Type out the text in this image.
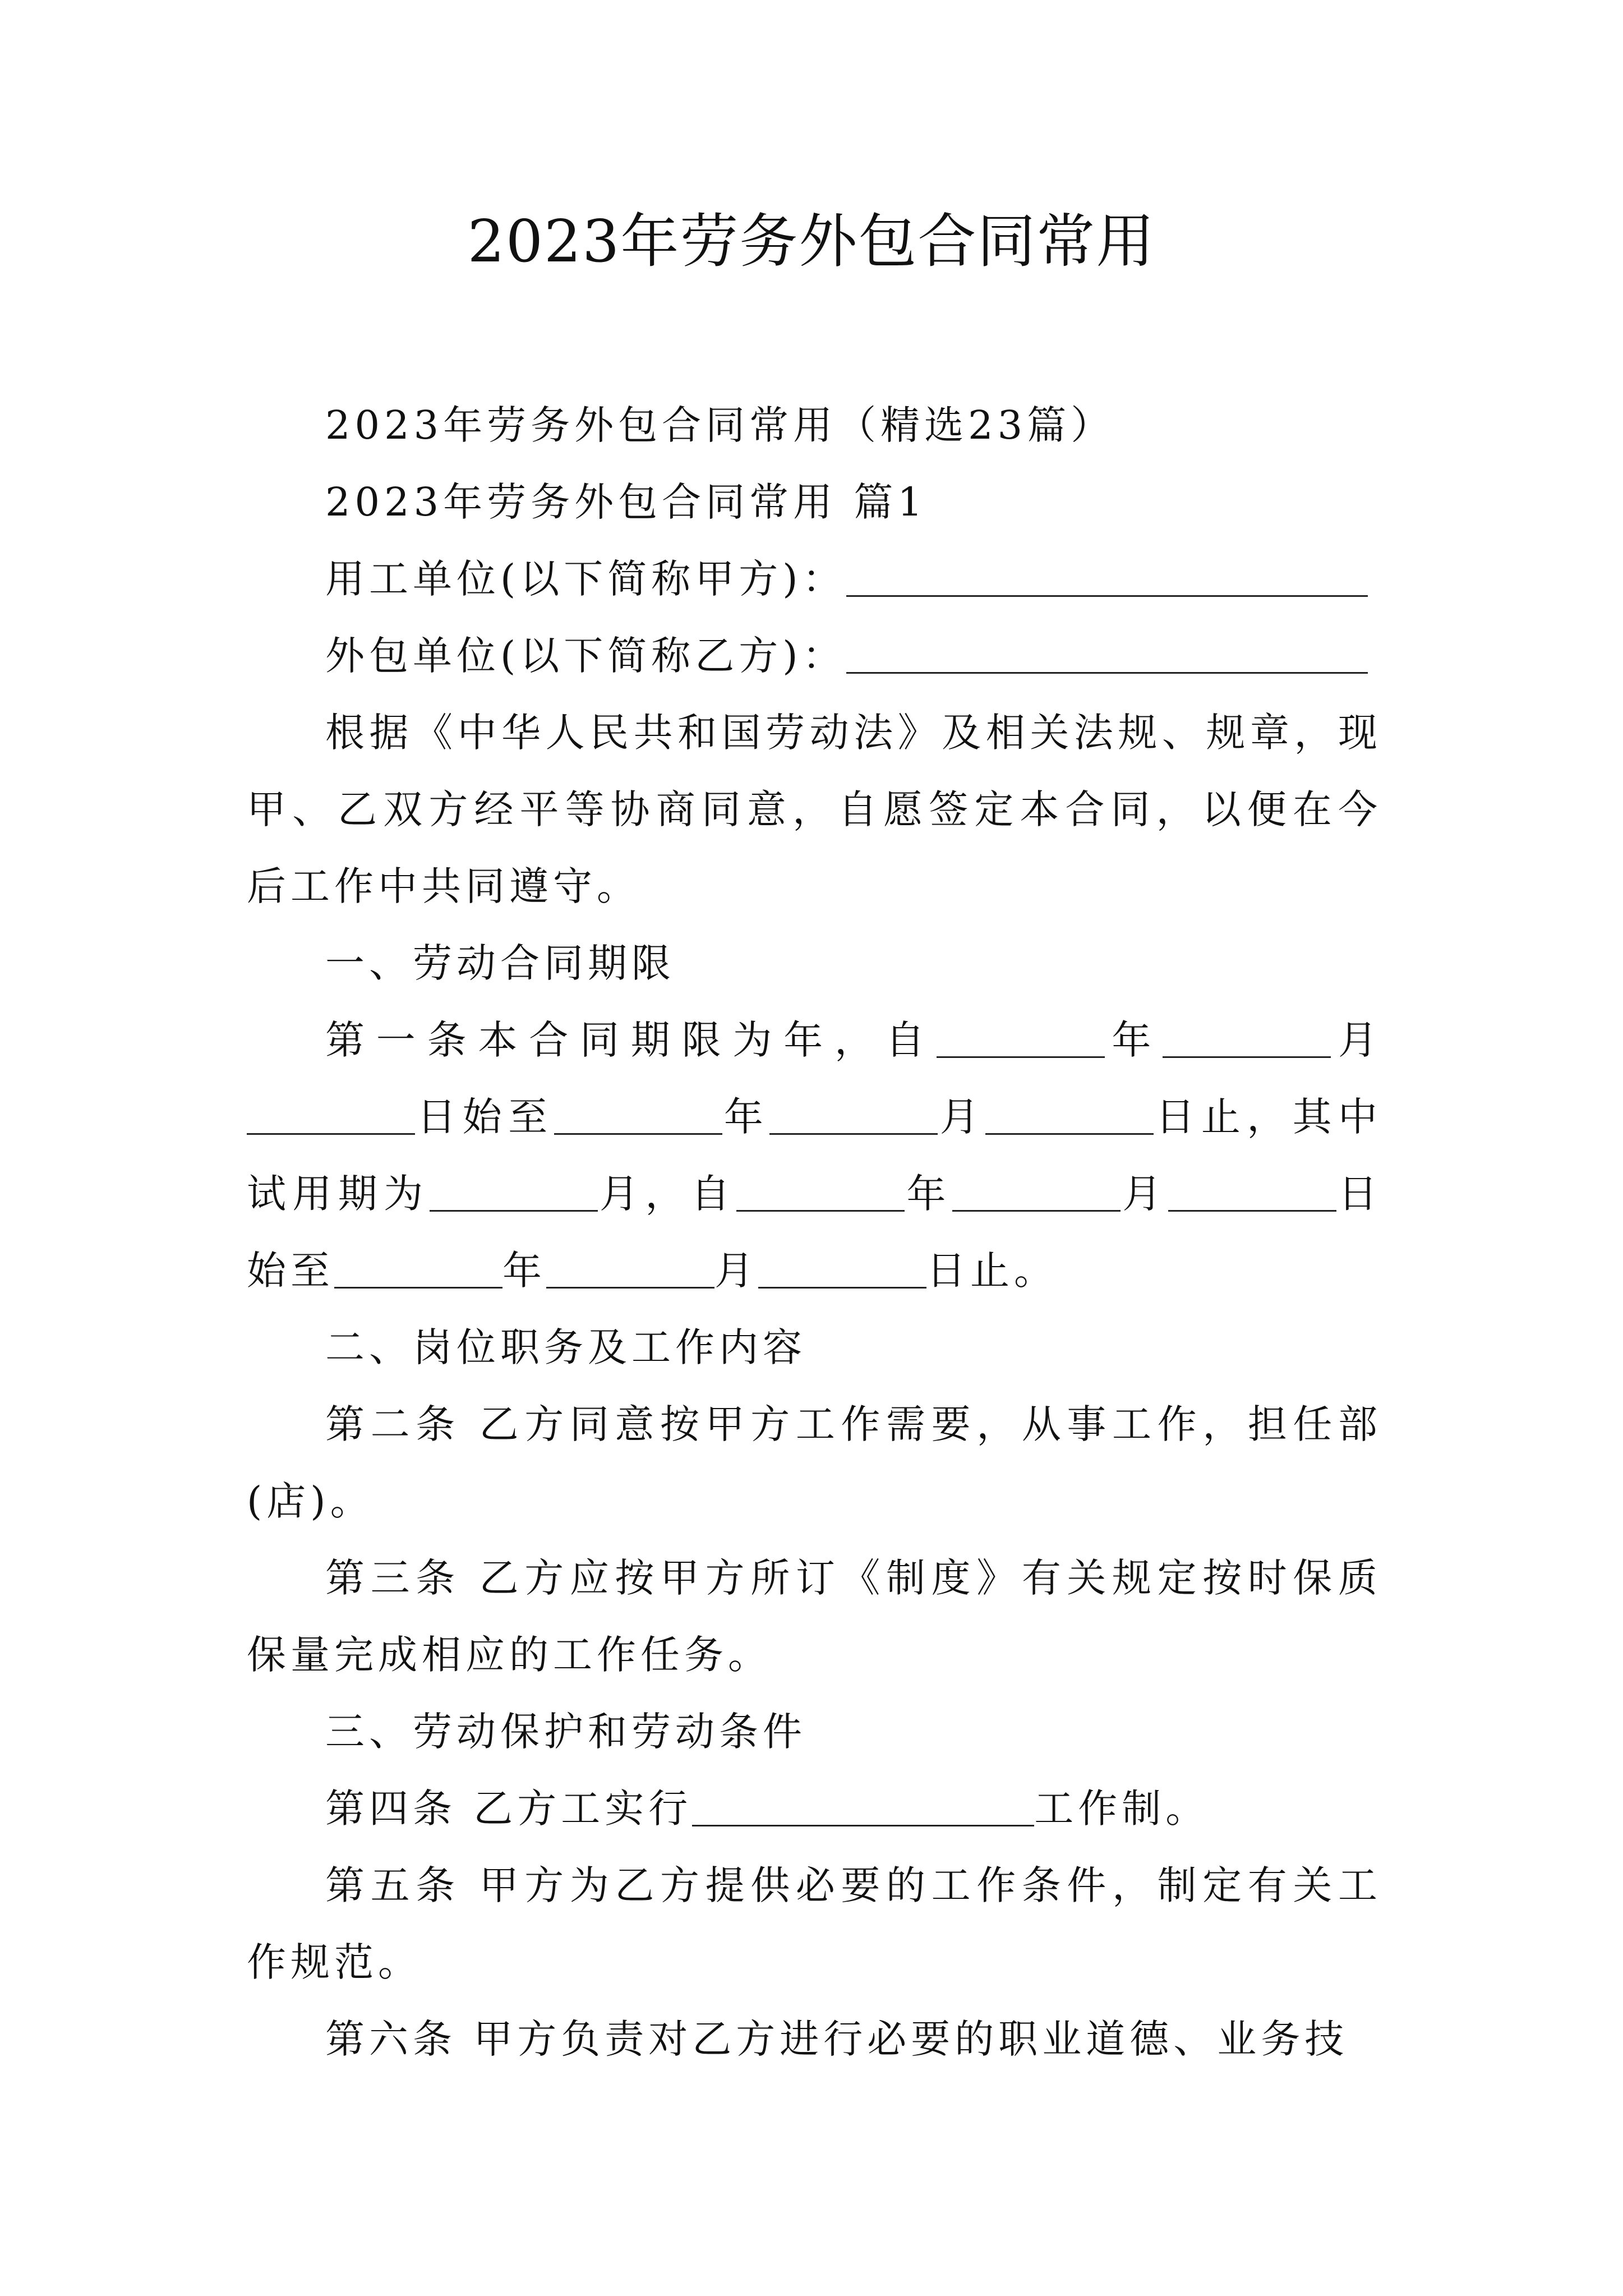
2023年劳务外包合同常用

2023年劳务外包合同常用（精选23篇）

2023年劳务外包合同常用 篇1

用工单位(以下简称甲方)：

外包单位(以下简称乙方)：

根据《中华人民共和国劳动法》及相关法规、规章，现甲、乙双方经平等协商同意，自愿签定本合同，以便在今后工作中共同遵守。

一、劳动合同期限

第一条本合同期限为年，自	年	月日始至	年	月	日止，其中试用期为	月，自	年	月	日始至	年	月	日止。

二、岗位职务及工作内容

第二条 乙方同意按甲方工作需要，从事工作，担任部(店)。

第三条 乙方应按甲方所订《制度》有关规定按时保质保量完成相应的工作任务。

三、劳动保护和劳动条件

第四条 乙方工实行	工作制。

第五条 甲方为乙方提供必要的工作条件，制定有关工作规范。

第六条 甲方负责对乙方进行必要的职业道德、业务技
